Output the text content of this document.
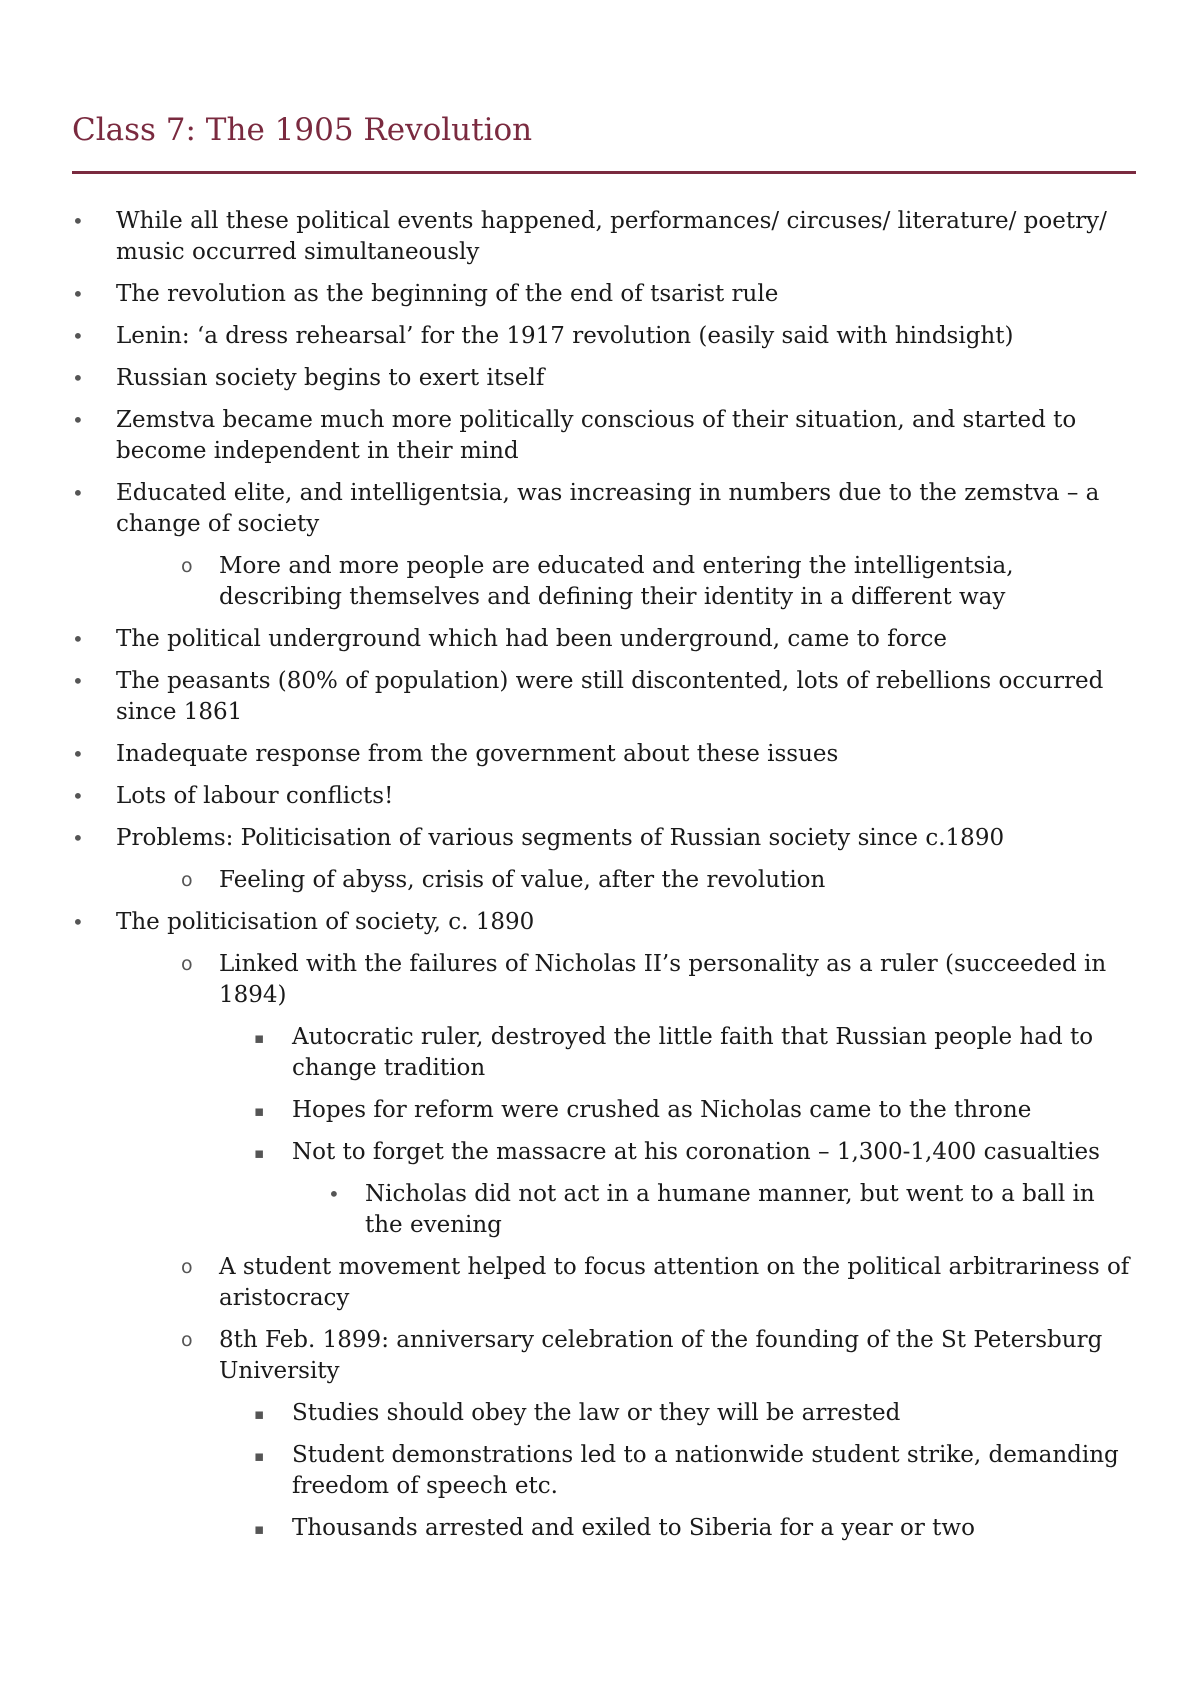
Class 7: The 1905 Revolution
• While all these political events happened, performances/ circuses/ literature/ poetry/ music occurred simultaneously
• The revolution as the beginning of the end of tsarist rule
• Lenin: ‘a dress rehearsal’ for the 1917 revolution (easily said with hindsight)
• Russian society begins to exert itself
• Zemstva became much more politically conscious of their situation, and started to become independent in their mind
• Educated elite, and intelligentsia, was increasing in numbers due to the zemstva – a change of society
o More and more people are educated and entering the intelligentsia, describing themselves and defining their identity in a different way
• The political underground which had been underground, came to force
• The peasants (80% of population) were still discontented, lots of rebellions occurred since 1861
• Inadequate response from the government about these issues
• Lots of labour conflicts!
• Problems: Politicisation of various segments of Russian society since c.1890
o Feeling of abyss, crisis of value, after the revolution
• The politicisation of society, c. 1890
o Linked with the failures of Nicholas II’s personality as a ruler (succeeded in 1894)
▪ Autocratic ruler, destroyed the little faith that Russian people had to change tradition
▪ Hopes for reform were crushed as Nicholas came to the throne
▪ Not to forget the massacre at his coronation – 1,300-1,400 casualties
• Nicholas did not act in a humane manner, but went to a ball in the evening
o A student movement helped to focus attention on the political arbitrariness of aristocracy
o 8th Feb. 1899: anniversary celebration of the founding of the St Petersburg University
▪ Studies should obey the law or they will be arrested
▪ Student demonstrations led to a nationwide student strike, demanding freedom of speech etc.
▪ Thousands arrested and exiled to Siberia for a year or two
